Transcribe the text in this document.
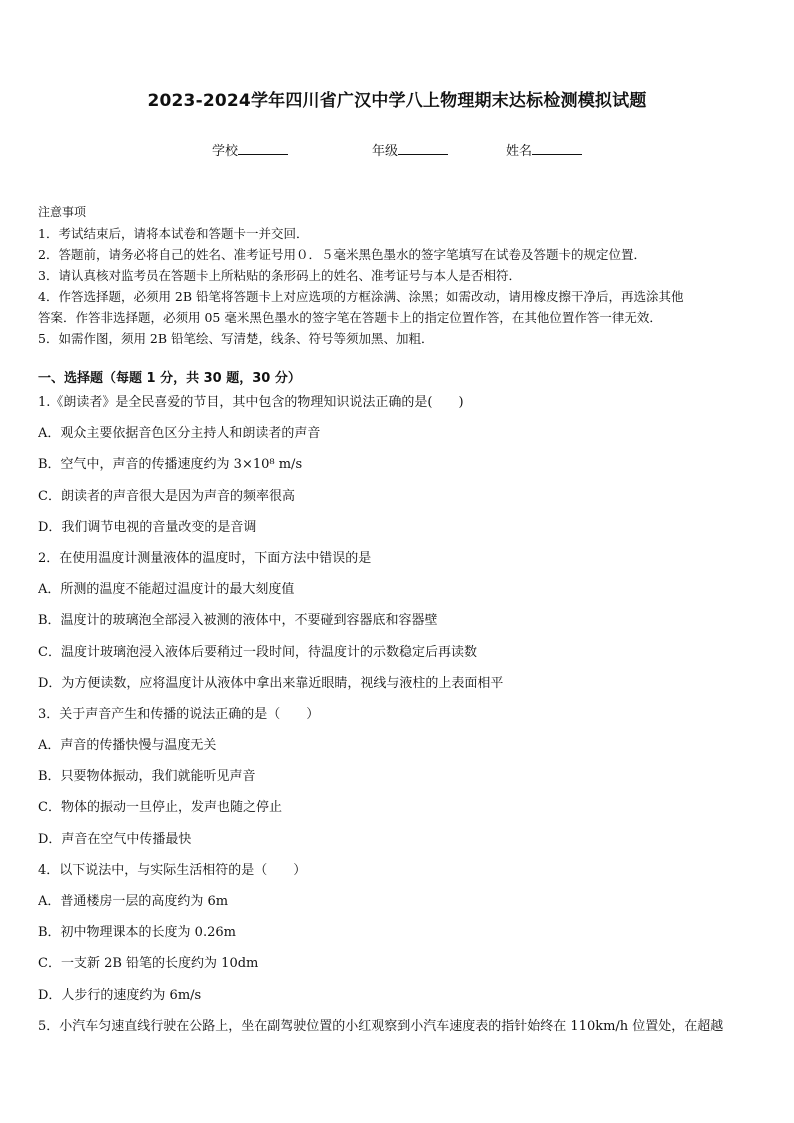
2023-2024学年四川省广汉中学八上物理期末达标检测模拟试题
学校	年级	姓名
注意事项
1．考试结束后，请将本试卷和答题卡一并交回．
2．答题前，请务必将自己的姓名、准考证号用０．５毫米黑色墨水的签字笔填写在试卷及答题卡的规定位置．
3．请认真核对监考员在答题卡上所粘贴的条形码上的姓名、准考证号与本人是否相符．
4．作答选择题，必须用 2B 铅笔将答题卡上对应选项的方框涂满、涂黑；如需改动，请用橡皮擦干净后，再选涂其他
答案．作答非选择题，必须用 05 毫米黑色墨水的签字笔在答题卡上的指定位置作答，在其他位置作答一律无效．
5．如需作图，须用 2B 铅笔绘、写清楚，线条、符号等须加黑、加粗．
一、选择题（每题 1 分，共 30 题，30 分）
1.《朗读者》是全民喜爱的节目，其中包含的物理知识说法正确的是(　　)
A．观众主要依据音色区分主持人和朗读者的声音
B．空气中，声音的传播速度约为 3×10⁸ m/s
C．朗读者的声音很大是因为声音的频率很高
D．我们调节电视的音量改变的是音调
2．在使用温度计测量液体的温度时，下面方法中错误的是
A．所测的温度不能超过温度计的最大刻度值
B．温度计的玻璃泡全部浸入被测的液体中，不要碰到容器底和容器壁
C．温度计玻璃泡浸入液体后要稍过一段时间，待温度计的示数稳定后再读数
D．为方便读数，应将温度计从液体中拿出来靠近眼睛，视线与液柱的上表面相平
3．关于声音产生和传播的说法正确的是（　　）
A．声音的传播快慢与温度无关
B．只要物体振动，我们就能听见声音
C．物体的振动一旦停止，发声也随之停止
D．声音在空气中传播最快
4．以下说法中，与实际生活相符的是（　　）
A．普通楼房一层的高度约为 6m
B．初中物理课本的长度为 0.26m
C．一支新 2B 铅笔的长度约为 10dm
D．人步行的速度约为 6m/s
5．小汽车匀速直线行驶在公路上，坐在副驾驶位置的小红观察到小汽车速度表的指针始终在 110km/h 位置处，在超越
